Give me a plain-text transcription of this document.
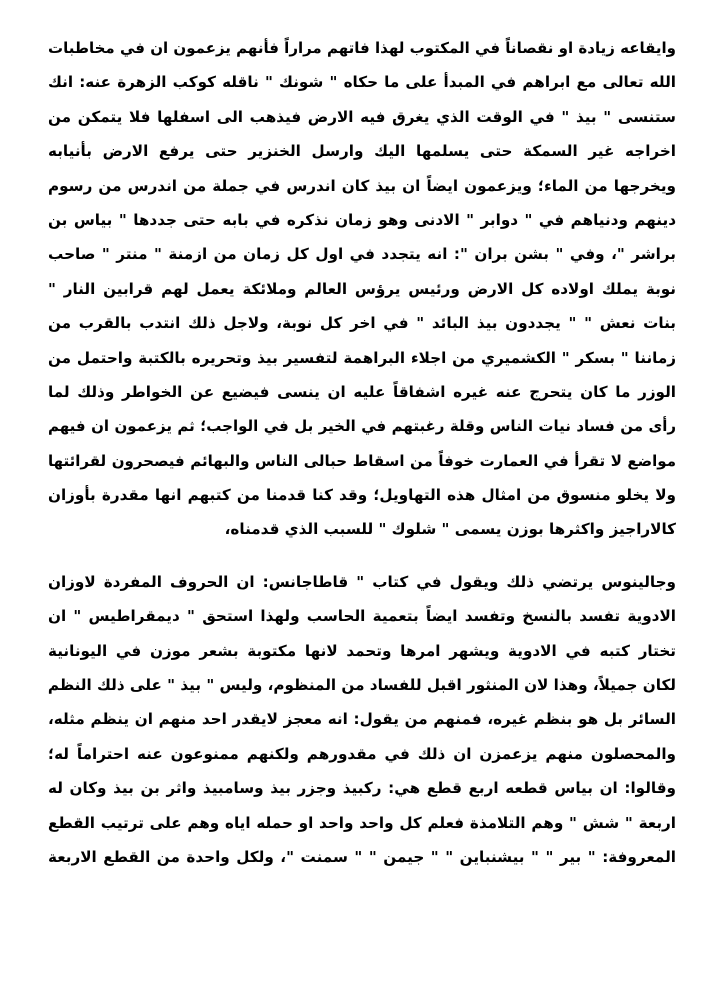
وايقاعه زيادة او نقصاناً في المكتوب لهذا فاتهم مراراً فأنهم يزعمون ان في مخاطبات
الله تعالى مع ابراهم في المبدأ على ما حكاه " شونك " ناقله كوكب الزهرة عنه: انك
ستنسى " بيذ " في الوقت الذي يغرق فيه الارض فيذهب الى اسفلها فلا يتمكن من
اخراجه غير السمكة حتى يسلمها اليك وارسل الخنزير حتى يرفع الارض بأنيابه
ويخرجها من الماء؛ ويزعمون ايضاً ان بيذ كان اندرس في جملة من اندرس من رسوم
دينهم ودنياهم في " دوابر " الادنى وهو زمان نذكره في بابه حتى جددها " بياس بن
براشر "، وفي " بشن بران ": انه يتجدد في اول كل زمان من ازمنة " منتر " صاحب
نوبة يملك اولاده كل الارض ورئيس يرؤس العالم وملائكة يعمل لهم قرابين النار "
بنات نعش " " يجددون بيذ البائد " في اخر كل نوبة، ولاجل ذلك انتدب بالقرب من
زماننا " بسكر " الكشميري من اجلاء البراهمة لتفسير بيذ وتحريره بالكتبة واحتمل من
الوزر ما كان يتحرج عنه غيره اشفاقاً عليه ان ينسى فيضيع عن الخواطر وذلك لما
رأى من فساد نيات الناس وقلة رغبتهم في الخير بل في الواجب؛ ثم يزعمون ان فيهم
مواضع لا تقرأ في العمارت خوفاً من اسقاط حبالى الناس والبهائم فيصحرون لقرائتها
ولا يخلو منسوق من امثال هذه التهاويل؛ وقد كنا قدمنا من كتبهم انها مقدرة بأوزان
كالاراجيز واكثرها بوزن يسمى " شلوك " للسبب الذي قدمناه،
وجالينوس يرتضي ذلك ويقول في كتاب " قاطاجانس: ان الحروف المفردة لاوزان
الادوية تفسد بالنسخ وتفسد ايضاً بتعمية الحاسب ولهذا استحق " ديمقراطيس " ان
تختار كتبه في الادوية ويشهر امرها وتحمد لانها مكتوبة بشعر موزن في اليونانية
لكان جميلاً، وهذا لان المنثور اقبل للفساد من المنظوم، وليس " بيذ " على ذلك النظم
السائر بل هو بنظم غيره، فمنهم من يقول: انه معجز لايقدر احد منهم ان ينظم مثله،
والمحصلون منهم يزعمزن ان ذلك في مقدورهم ولكنهم ممنوعون عنه احتراماً له؛
وقالوا: ان بياس قطعه اربع قطع هي: ركبيذ وجزر بيذ وسامبيذ واثر بن بيذ وكان له
اربعة " شش " وهم التلامذة فعلم كل واحد واحد او حمله اياه وهم على ترتيب القطع
المعروفة: " بير " " بيشنباين " " جيمن " " سمنت "، ولكل واحدة من القطع الاربعة
